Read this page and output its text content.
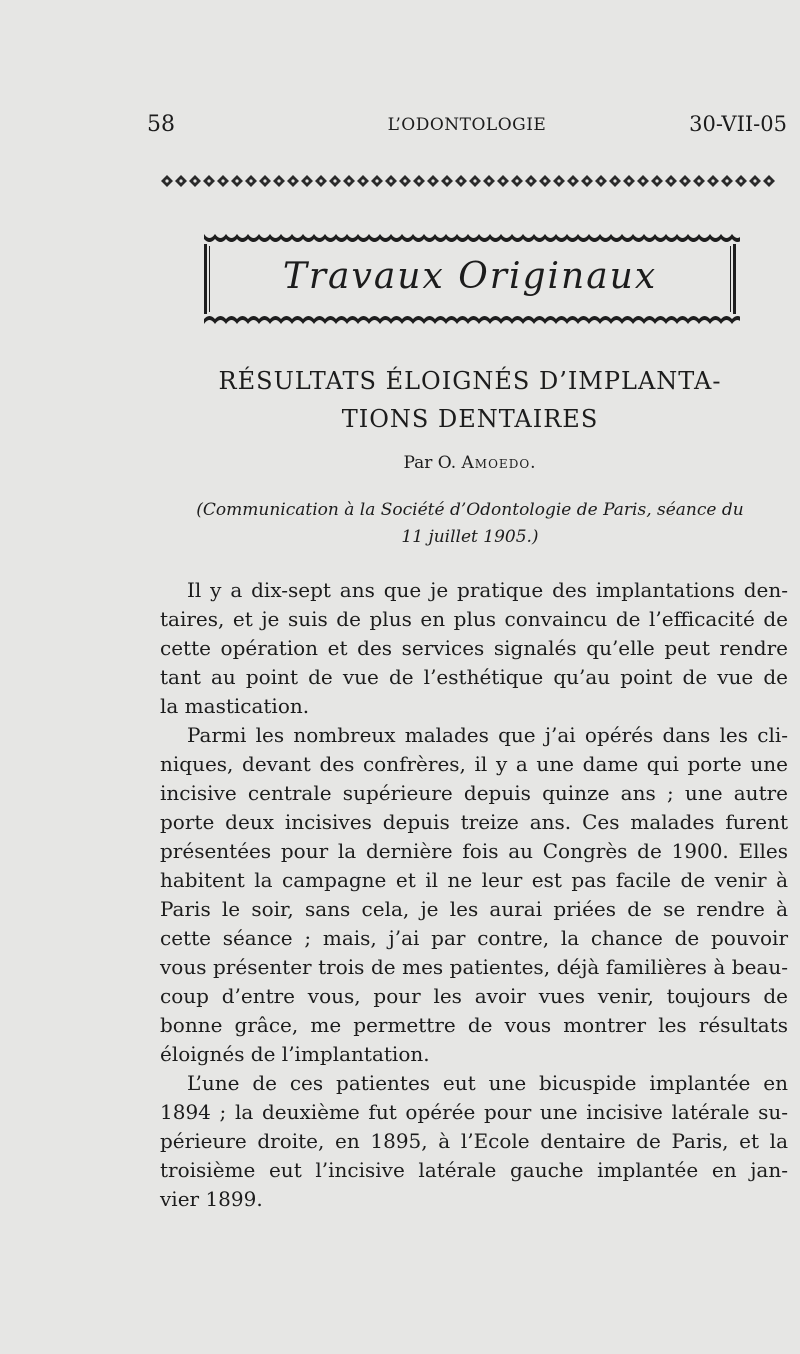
58	L’ODONTOLOGIE	30-VII-05
Travaux Originaux
RÉSULTATS ÉLOIGNÉS D’IMPLANTA-
TIONS DENTAIRES
Par O. Amoedo.
(Communication à la Société d’Odontologie de Paris, séance du
11 juillet 1905.)
Il y a dix-sept ans que je pratique des implantations den-
taires, et je suis de plus en plus convaincu de l’efficacité de
cette opération et des services signalés qu’elle peut rendre
tant au point de vue de l’esthétique qu’au point de vue de
la mastication.
Parmi les nombreux malades que j’ai opérés dans les cli-
niques, devant des confrères, il y a une dame qui porte une
incisive centrale supérieure depuis quinze ans ; une autre
porte deux incisives depuis treize ans. Ces malades furent
présentées pour la dernière fois au Congrès de 1900. Elles
habitent la campagne et il ne leur est pas facile de venir à
Paris le soir, sans cela, je les aurai priées de se rendre à
cette séance ; mais, j’ai par contre, la chance de pouvoir
vous présenter trois de mes patientes, déjà familières à beau-
coup d’entre vous, pour les avoir vues venir, toujours de
bonne grâce, me permettre de vous montrer les résultats
éloignés de l’implantation.
L’une de ces patientes eut une bicuspide implantée en
1894 ; la deuxième fut opérée pour une incisive latérale su-
périeure droite, en 1895, à l’Ecole dentaire de Paris, et la
troisième eut l’incisive latérale gauche implantée en jan-
vier 1899.
